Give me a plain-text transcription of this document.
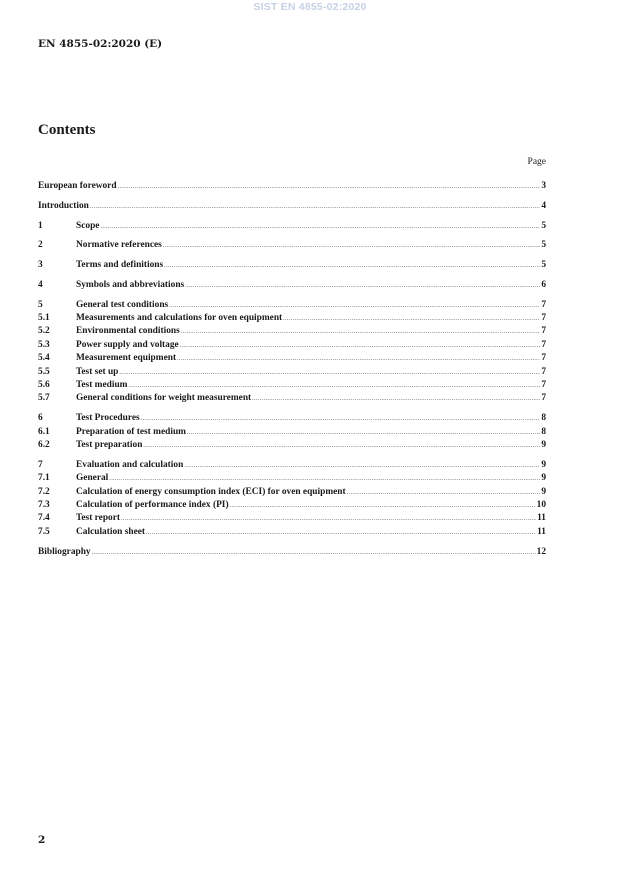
SIST EN 4855-02:2020
EN 4855-02:2020 (E)
Contents
Page
European foreword .....	3
Introduction .....	4
1	Scope .....	5
2	Normative references .....	5
3	Terms and definitions .....	5
4	Symbols and abbreviations .....	6
5	General test conditions .....	7
5.1	Measurements and calculations for oven equipment .....	7
5.2	Environmental conditions .....	7
5.3	Power supply and voltage .....	7
5.4	Measurement equipment .....	7
5.5	Test set up .....	7
5.6	Test medium .....	7
5.7	General conditions for weight measurement .....	7
6	Test Procedures .....	8
6.1	Preparation of test medium .....	8
6.2	Test preparation .....	9
7	Evaluation and calculation .....	9
7.1	General .....	9
7.2	Calculation of energy consumption index (ECI) for oven equipment .....	9
7.3	Calculation of performance index (PI) .....	10
7.4	Test report .....	11
7.5	Calculation sheet .....	11
Bibliography .....	12
2
